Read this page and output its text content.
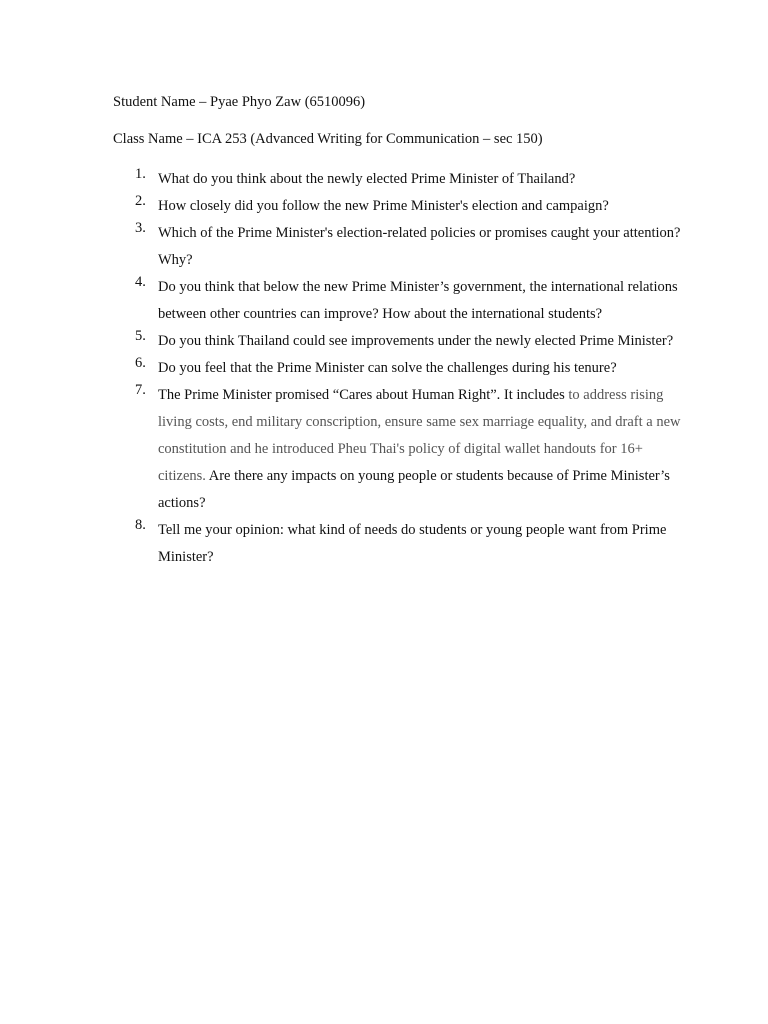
Student Name – Pyae Phyo Zaw (6510096)
Class Name – ICA 253 (Advanced Writing for Communication – sec 150)
1. What do you think about the newly elected Prime Minister of Thailand?
2. How closely did you follow the new Prime Minister's election and campaign?
3. Which of the Prime Minister's election-related policies or promises caught your attention? Why?
4. Do you think that below the new Prime Minister’s government, the international relations between other countries can improve? How about the international students?
5. Do you think Thailand could see improvements under the newly elected Prime Minister?
6. Do you feel that the Prime Minister can solve the challenges during his tenure?
7. The Prime Minister promised “Cares about Human Right”. It includes to address rising living costs, end military conscription, ensure same sex marriage equality, and draft a new constitution and he introduced Pheu Thai's policy of digital wallet handouts for 16+ citizens. Are there any impacts on young people or students because of Prime Minister’s actions?
8. Tell me your opinion: what kind of needs do students or young people want from Prime Minister?
